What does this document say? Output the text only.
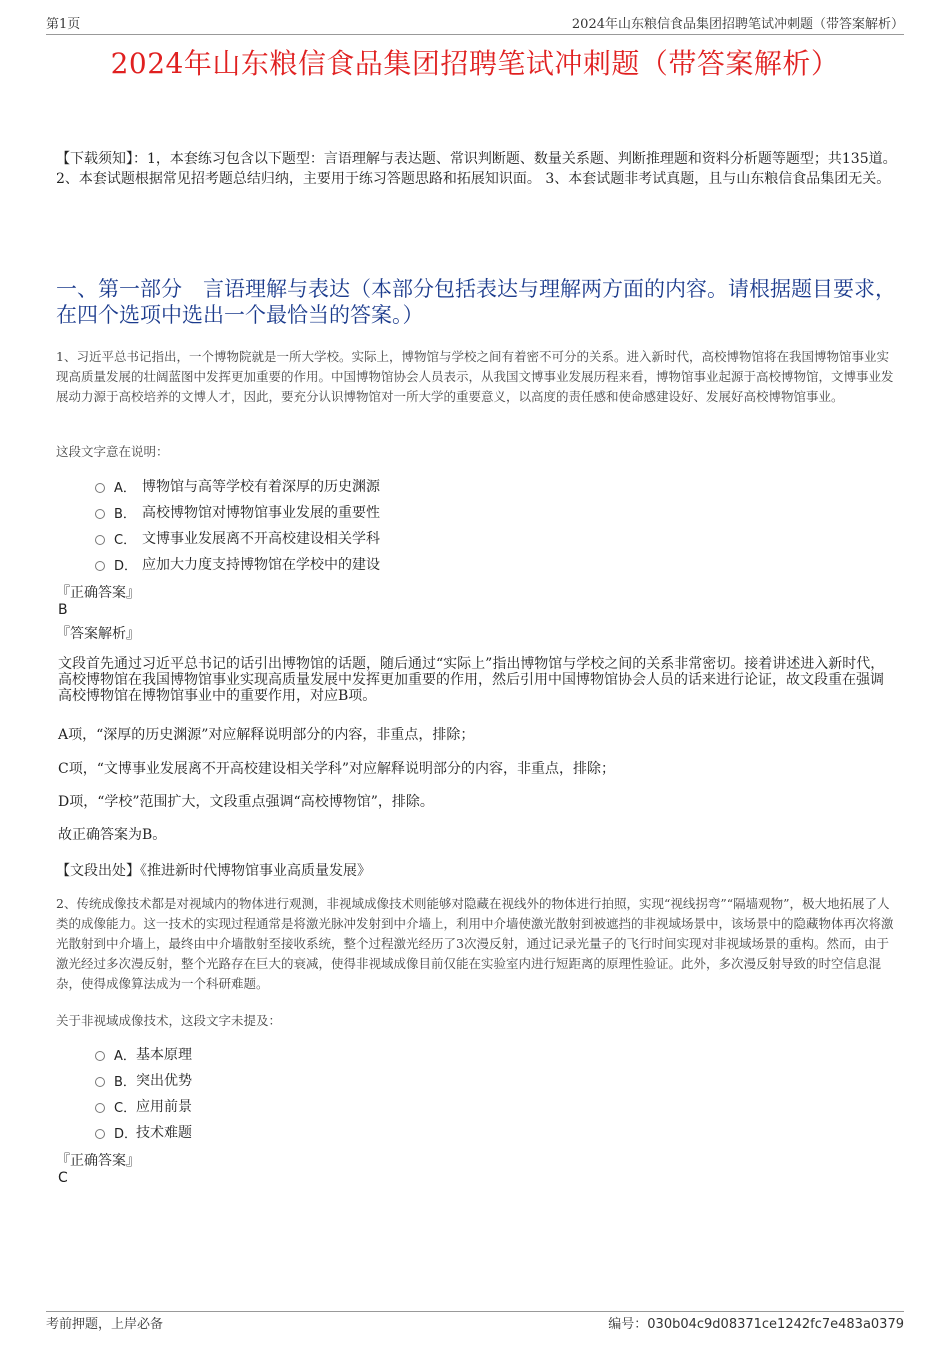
第1页	2024年山东粮信食品集团招聘笔试冲刺题（带答案解析）
2024年山东粮信食品集团招聘笔试冲刺题（带答案解析）
【下载须知】：1，本套练习包含以下题型：言语理解与表达题、常识判断题、数量关系题、判断推理题和资料分析题等题型；共135道。 2、本套试题根据常见招考题总结归纳，主要用于练习答题思路和拓展知识面。 3、本套试题非考试真题，且与山东粮信食品集团无关。
一、第一部分　言语理解与表达（本部分包括表达与理解两方面的内容。请根据题目要求，在四个选项中选出一个最恰当的答案。）
1、习近平总书记指出，一个博物院就是一所大学校。实际上，博物馆与学校之间有着密不可分的关系。进入新时代，高校博物馆将在我国博物馆事业实现高质量发展的壮阔蓝图中发挥更加重要的作用。中国博物馆协会人员表示，从我国文博事业发展历程来看，博物馆事业起源于高校博物馆，文博事业发展动力源于高校培养的文博人才，因此，要充分认识博物馆对一所大学的重要意义，以高度的责任感和使命感建设好、发展好高校博物馆事业。
这段文字意在说明：
A． 博物馆与高等学校有着深厚的历史渊源
B． 高校博物馆对博物馆事业发展的重要性
C． 文博事业发展离不开高校建设相关学科
D． 应加大力度支持博物馆在学校中的建设
『正确答案』
B
『答案解析』
文段首先通过习近平总书记的话引出博物馆的话题，随后通过“实际上”指出博物馆与学校之间的关系非常密切。接着讲述进入新时代，高校博物馆在我国博物馆事业实现高质量发展中发挥更加重要的作用，然后引用中国博物馆协会人员的话来进行论证，故文段重在强调高校博物馆在博物馆事业中的重要作用，对应B项。
A项，“深厚的历史渊源”对应解释说明部分的内容，非重点，排除；
C项，“文博事业发展离不开高校建设相关学科”对应解释说明部分的内容，非重点，排除；
D项，“学校”范围扩大，文段重点强调“高校博物馆”，排除。
故正确答案为B。
【文段出处】《推进新时代博物馆事业高质量发展》
2、传统成像技术都是对视域内的物体进行观测，非视域成像技术则能够对隐藏在视线外的物体进行拍照，实现“视线拐弯”“隔墙观物”，极大地拓展了人类的成像能力。这一技术的实现过程通常是将激光脉冲发射到中介墙上，利用中介墙使激光散射到被遮挡的非视域场景中，该场景中的隐藏物体再次将激光散射到中介墙上，最终由中介墙散射至接收系统，整个过程激光经历了3次漫反射，通过记录光量子的飞行时间实现对非视域场景的重构。然而，由于激光经过多次漫反射，整个光路存在巨大的衰减，使得非视域成像目前仅能在实验室内进行短距离的原理性验证。此外，多次漫反射导致的时空信息混杂，使得成像算法成为一个科研难题。
关于非视域成像技术，这段文字未提及：
A． 基本原理
B． 突出优势
C． 应用前景
D．
技术难题
『正确答案』
C
考前押题，上岸必备	编号：030b04c9d08371ce1242fc7e483a0379
